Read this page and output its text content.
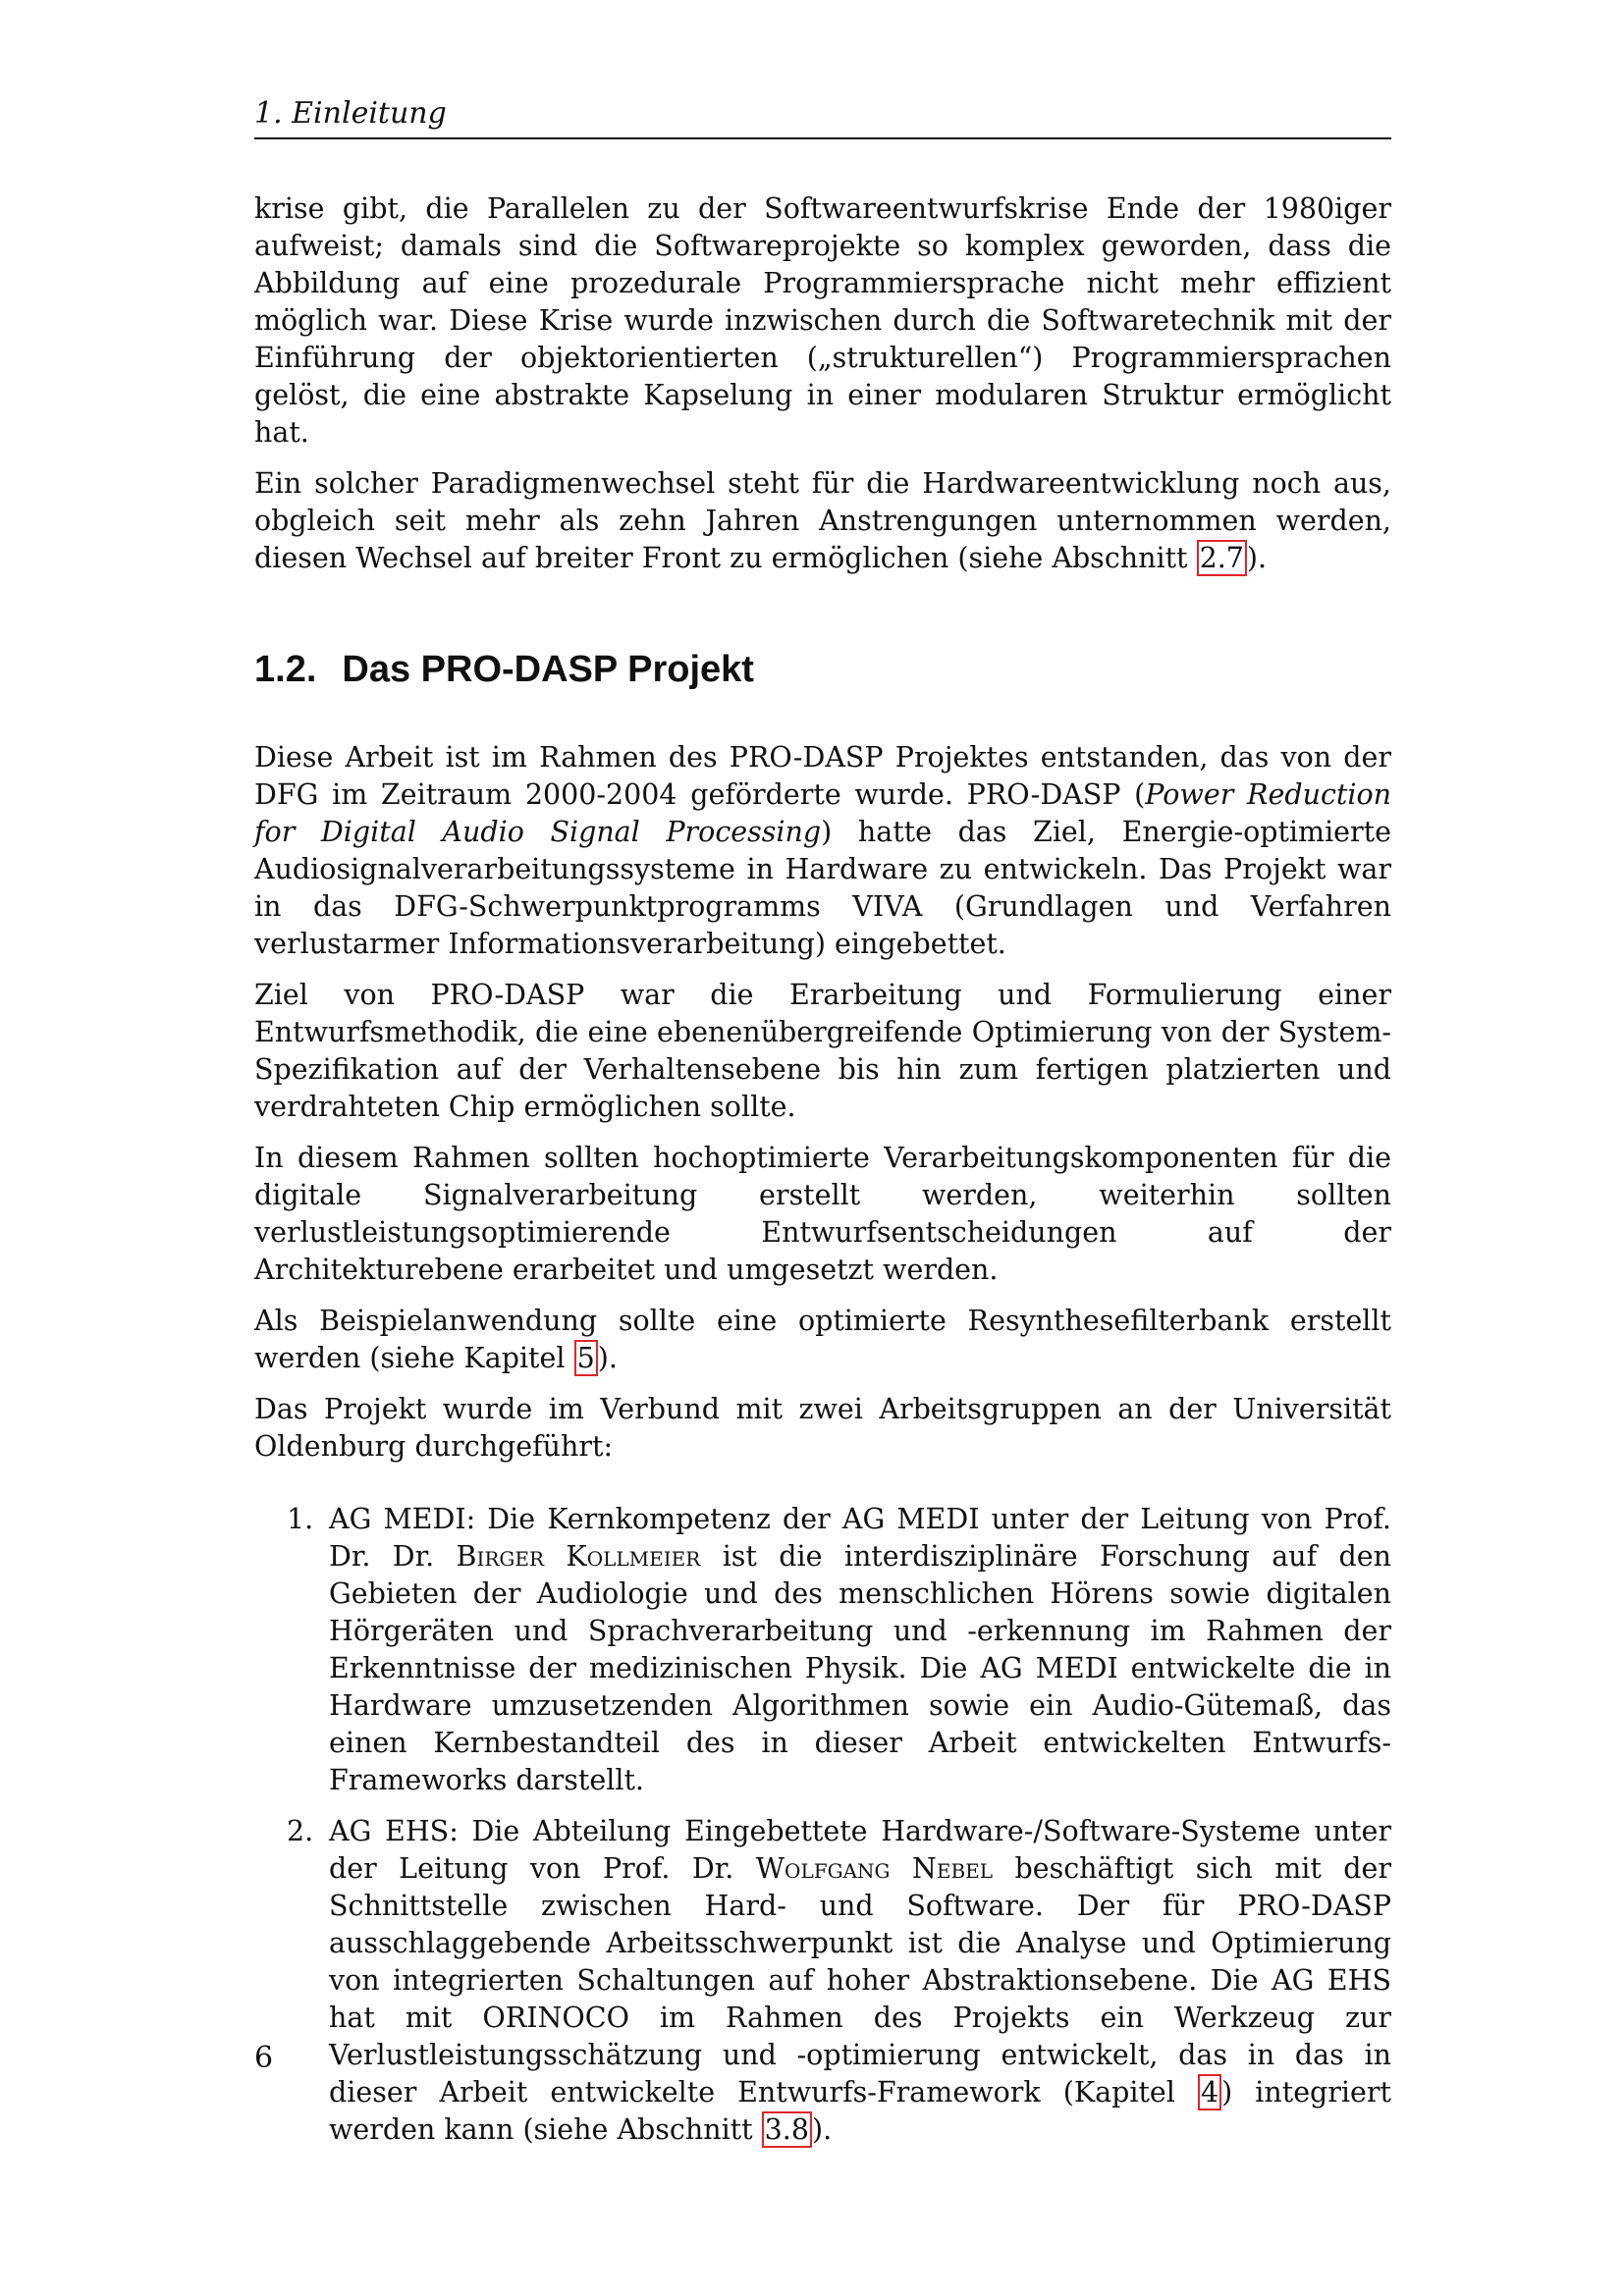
1. Einleitung

krise gibt, die Parallelen zu der Softwareentwurfskrise Ende der 1980iger aufweist; damals sind die Softwareprojekte so komplex geworden, dass die Abbildung auf eine prozedurale Programmiersprache nicht mehr effizient möglich war. Diese Krise wurde inzwischen durch die Softwaretechnik mit der Einführung der objektorientierten („strukturellen“) Programmiersprachen gelöst, die eine abstrakte Kapselung in einer modularen Struktur ermöglicht hat.

Ein solcher Paradigmenwechsel steht für die Hardwareentwicklung noch aus, obgleich seit mehr als zehn Jahren Anstrengungen unternommen werden, diesen Wechsel auf breiter Front zu ermöglichen (siehe Abschnitt 2.7 ).

1.2. Das PRO-DASP Projekt

Diese Arbeit ist im Rahmen des PRO-DASP Projektes entstanden, das von der DFG im Zeitraum 2000-2004 geförderte wurde. PRO-DASP (Power Reduction for Digital Audio Signal Processing) hatte das Ziel, Energie-optimierte Audiosignalverarbeitungssysteme in Hardware zu entwickeln. Das Projekt war in das DFG-Schwerpunktprogramms VIVA (Grundlagen und Verfahren verlustarmer Informationsverarbeitung) eingebettet.

Ziel von PRO-DASP war die Erarbeitung und Formulierung einer Entwurfsmethodik, die eine ebenenübergreifende Optimierung von der System-Spezifikation auf der Verhaltensebene bis hin zum fertigen platzierten und verdrahteten Chip ermöglichen sollte.

In diesem Rahmen sollten hochoptimierte Verarbeitungskomponenten für die digitale Signalverarbeitung erstellt werden, weiterhin sollten verlustleistungsoptimierende Entwurfsentscheidungen auf der Architekturebene erarbeitet und umgesetzt werden.

Als Beispielanwendung sollte eine optimierte Resynthesefilterbank erstellt werden (siehe Kapitel 5 ).

Das Projekt wurde im Verbund mit zwei Arbeitsgruppen an der Universität Oldenburg durchgeführt:

1. AG MEDI: Die Kernkompetenz der AG MEDI unter der Leitung von Prof. Dr. Dr. Birger Kollmeier ist die interdisziplinäre Forschung auf den Gebieten der Audiologie und des menschlichen Hörens sowie digitalen Hörgeräten und Sprachverarbeitung und -erkennung im Rahmen der Erkenntnisse der medizinischen Physik. Die AG MEDI entwickelte die in Hardware umzusetzenden Algorithmen sowie ein Audio-Gütemaß, das einen Kernbestandteil des in dieser Arbeit entwickelten Entwurfs-Frameworks darstellt.
2. AG EHS: Die Abteilung Eingebettete Hardware-/Software-Systeme unter der Leitung von Prof. Dr. Wolfgang Nebel beschäftigt sich mit der Schnittstelle zwischen Hard- und Software. Der für PRO-DASP ausschlaggebende Arbeitsschwerpunkt ist die Analyse und Optimierung von integrierten Schaltungen auf hoher Abstraktionsebene. Die AG EHS hat mit ORINOCO im Rahmen des Projekts ein Werkzeug zur Verlustleistungsschätzung und -optimierung entwickelt, das in das in dieser Arbeit entwickelte Entwurfs-Framework (Kapitel 4 ) integriert werden kann (siehe Abschnitt 3.8 ).
6
